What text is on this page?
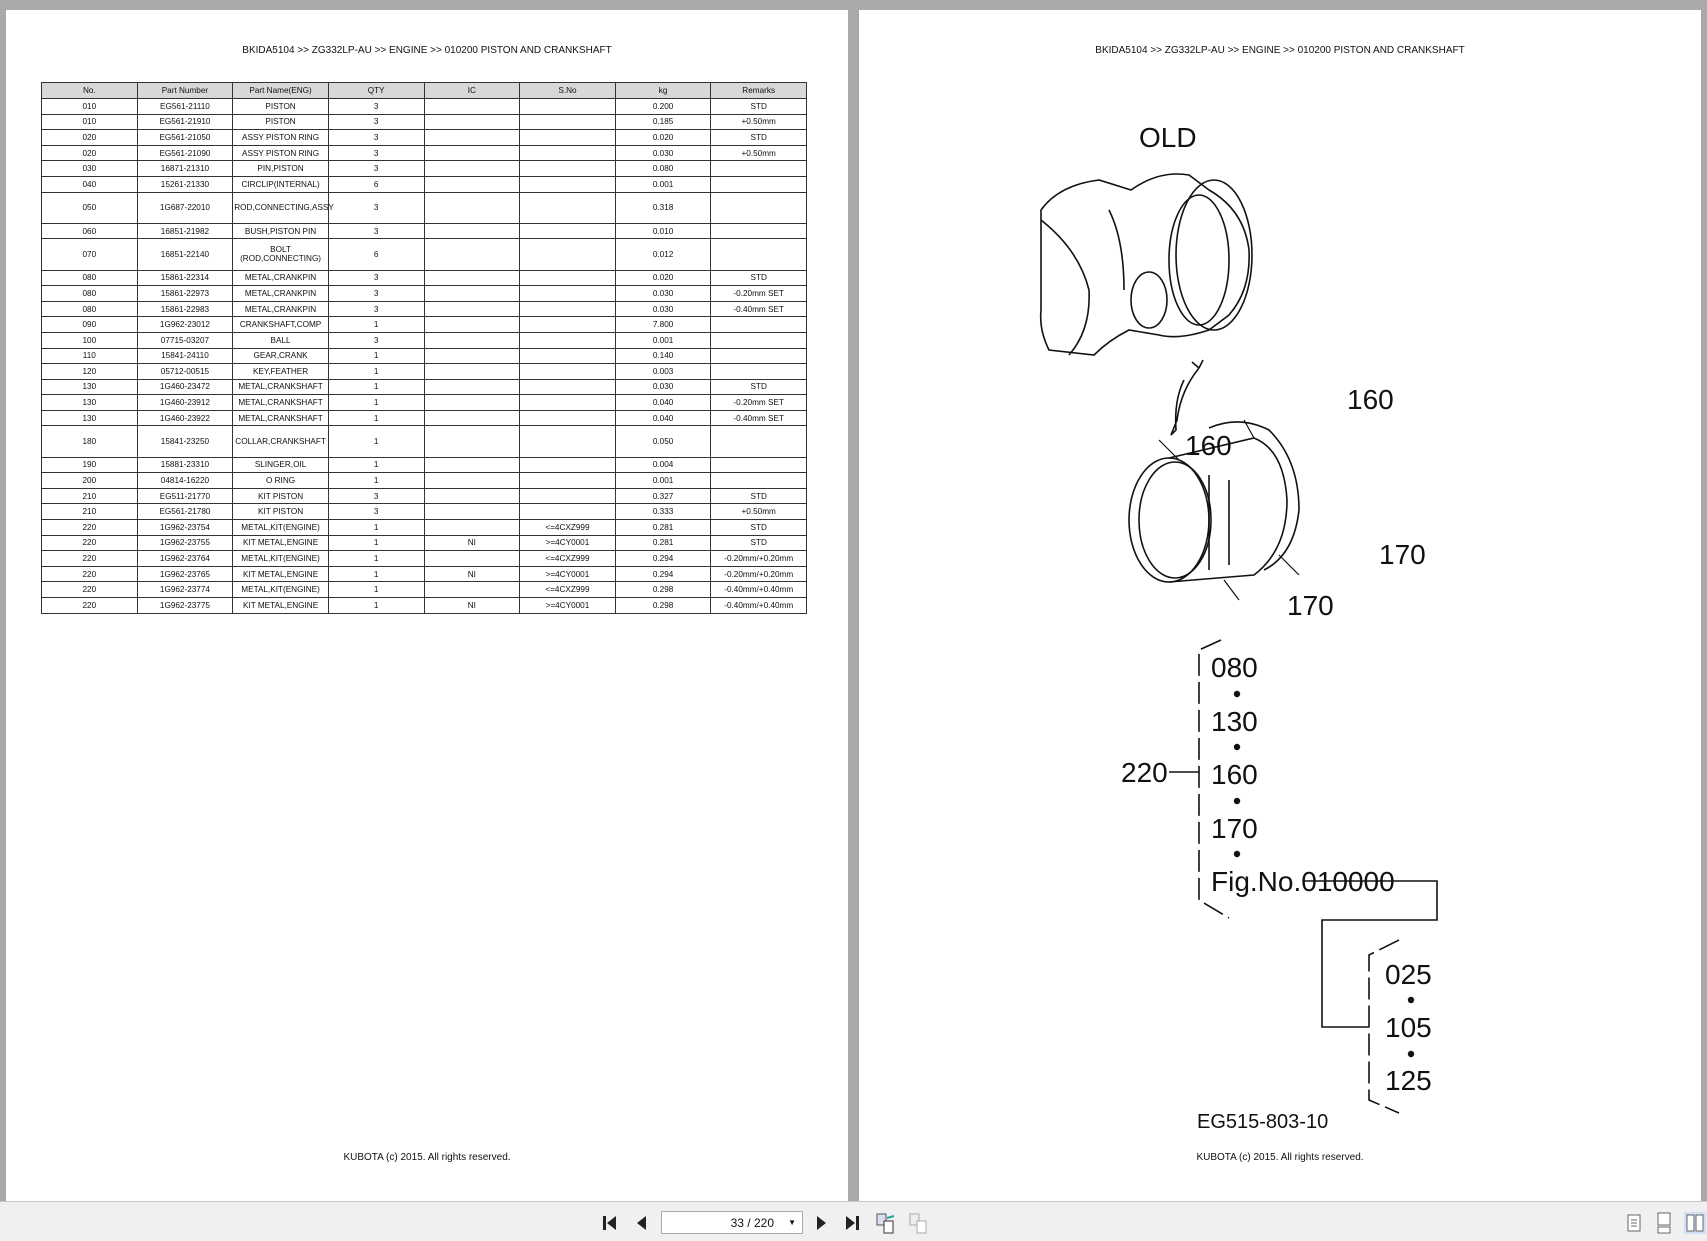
BKIDA5104 >> ZG332LP-AU >> ENGINE >> 010200 PISTON AND CRANKSHAFT
No.	Part Number	Part Name(ENG)	QTY	IC	S.No	kg	Remarks
010	EG561-21110	PISTON	3			0.200	STD
010	EG561-21910	PISTON	3			0.185	+0.50mm
020	EG561-21050	ASSY PISTON RING	3			0.020	STD
020	EG561-21090	ASSY PISTON RING	3			0.030	+0.50mm
030	16871-21310	PIN,PISTON	3			0.080	
040	15261-21330	CIRCLIP(INTERNAL)	6			0.001	
050	1G687-22010	ROD,CONNECTING,ASSY	3			0.318	
060	16851-21982	BUSH,PISTON PIN	3			0.010	
070	16851-22140	BOLT (ROD,CONNECTING)	6			0.012	
080	15861-22314	METAL,CRANKPIN	3			0.020	STD
080	15861-22973	METAL,CRANKPIN	3			0.030	-0.20mm SET
080	15861-22983	METAL,CRANKPIN	3			0.030	-0.40mm SET
090	1G962-23012	CRANKSHAFT,COMP	1			7.800	
100	07715-03207	BALL	3			0.001	
110	15841-24110	GEAR,CRANK	1			0.140	
120	05712-00515	KEY,FEATHER	1			0.003	
130	1G460-23472	METAL,CRANKSHAFT	1			0.030	STD
130	1G460-23912	METAL,CRANKSHAFT	1			0.040	-0.20mm SET
130	1G460-23922	METAL,CRANKSHAFT	1			0.040	-0.40mm SET
180	15841-23250	COLLAR,CRANKSHAFT	1			0.050	
190	15881-23310	SLINGER,OIL	1			0.004	
200	04814-16220	O RING	1			0.001	
210	EG511-21770	KIT PISTON	3			0.327	STD
210	EG561-21780	KIT PISTON	3			0.333	+0.50mm
220	1G962-23754	METAL,KIT(ENGINE)	1		<=4CXZ999	0.281	STD
220	1G962-23755	KIT METAL,ENGINE	1	NI	>=4CY0001	0.281	STD
220	1G962-23764	METAL,KIT(ENGINE)	1		<=4CXZ999	0.294	-0.20mm/+0.20mm
220	1G962-23765	KIT METAL,ENGINE	1	NI	>=4CY0001	0.294	-0.20mm/+0.20mm
220	1G962-23774	METAL,KIT(ENGINE)	1		<=4CXZ999	0.298	-0.40mm/+0.40mm
220	1G962-23775	KIT METAL,ENGINE	1	NI	>=4CY0001	0.298	-0.40mm/+0.40mm
KUBOTA (c) 2015. All rights reserved.
BKIDA5104 >> ZG332LP-AU >> ENGINE >> 010200 PISTON AND CRANKSHAFT
OLD
160
160
170
170
220
080
130
160
170
Fig.No.010000
025
105
125
EG515-803-10
KUBOTA (c) 2015. All rights reserved.
33 / 220 ▼
